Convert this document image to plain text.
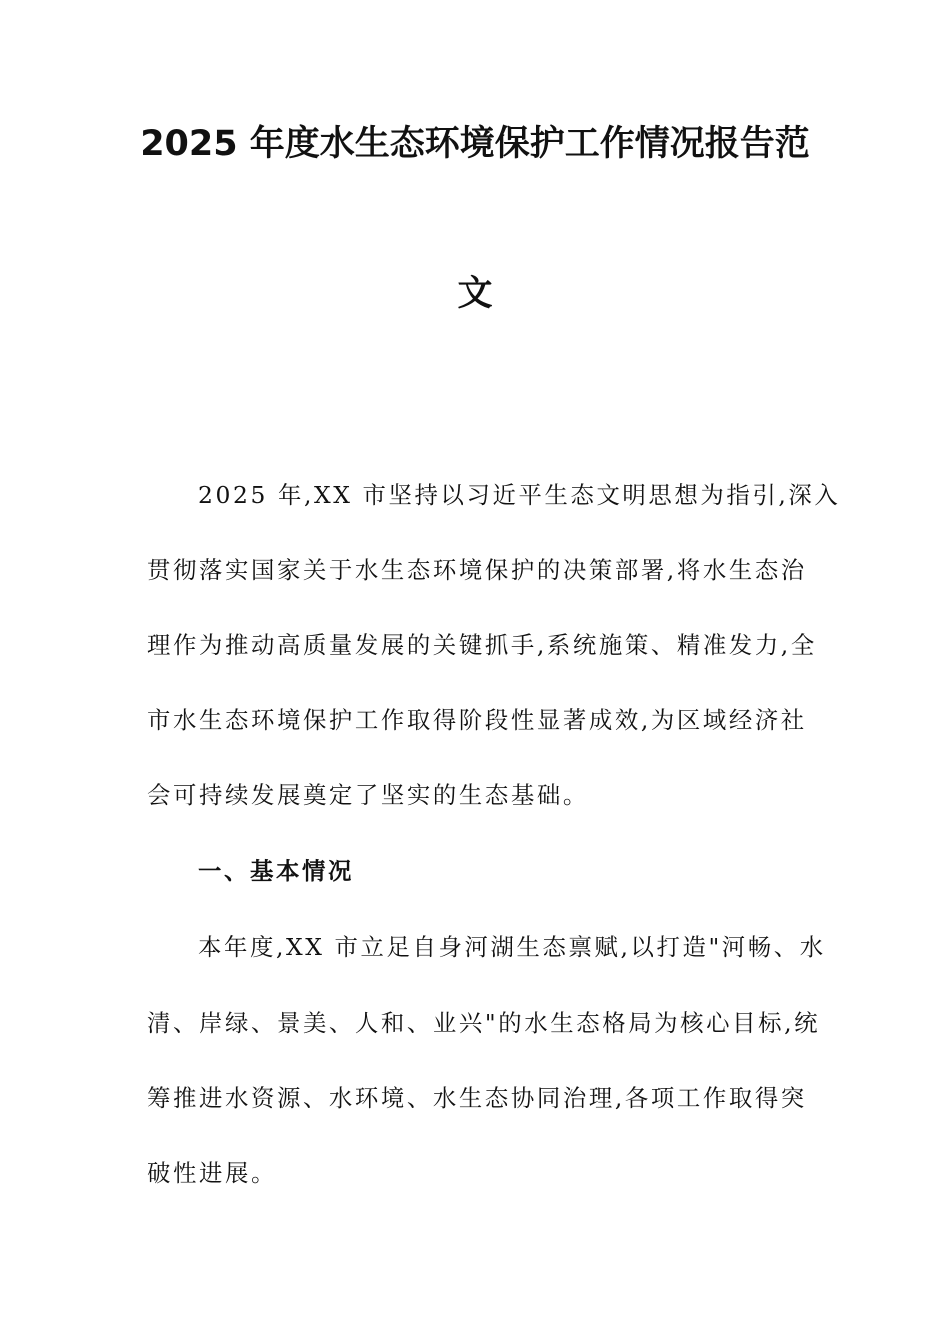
2025 年度水生态环境保护工作情况报告范
文
2025 年,XX 市坚持以习近平生态文明思想为指引,深入
贯彻落实国家关于水生态环境保护的决策部署,将水生态治
理作为推动高质量发展的关键抓手,系统施策、精准发力,全
市水生态环境保护工作取得阶段性显著成效,为区域经济社
会可持续发展奠定了坚实的生态基础。
一、基本情况
本年度,XX 市立足自身河湖生态禀赋,以打造"河畅、水
清、岸绿、景美、人和、业兴"的水生态格局为核心目标,统
筹推进水资源、水环境、水生态协同治理,各项工作取得突
破性进展。
